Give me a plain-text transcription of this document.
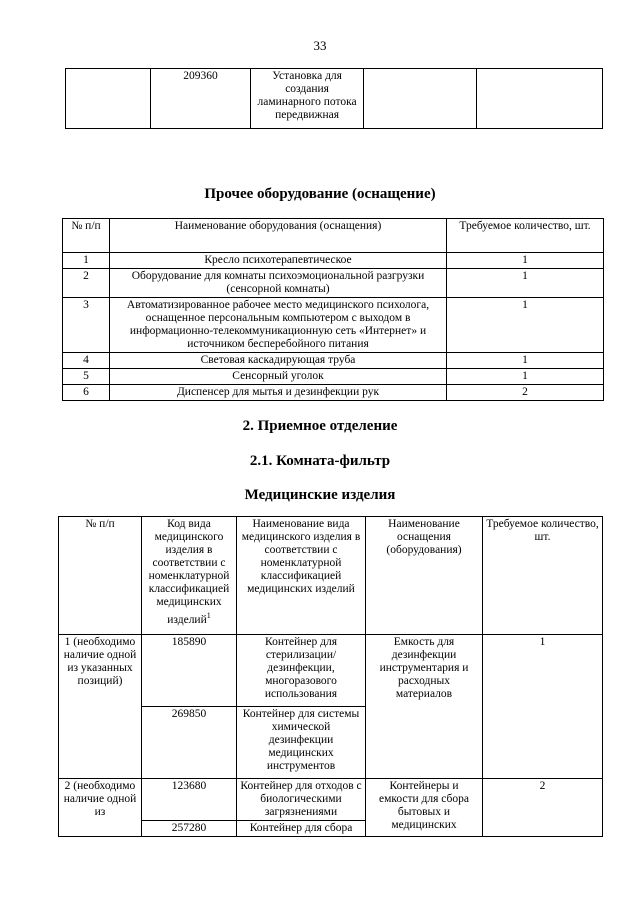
33
	209360	Установка для создания ламинарного потока передвижная		
Прочее оборудование (оснащение)
№ п/п	Наименование оборудования (оснащения)	Требуемое количество, шт.
1	Кресло психотерапевтическое	1
2	Оборудование для комнаты психоэмоциональной разгрузки (сенсорной комнаты)	1
3	Автоматизированное рабочее место медицинского психолога, оснащенное персональным компьютером с выходом в информационно-телекоммуникационную сеть «Интернет» и источником бесперебойного питания	1
4	Световая каскадирующая труба	1
5	Сенсорный уголок	1
6	Диспенсер для мытья и дезинфекции рук	2
2. Приемное отделение
2.1. Комната-фильтр
Медицинские изделия
№ п/п	Код вида медицинского изделия в соответствии с номенклатурной классификацией медицинских изделий$^1$	Наименование вида медицинского изделия в соответствии с номенклатурной классификацией медицинских изделий	Наименование оснащения (оборудования)	Требуемое количество, шт.
1 (необходимо наличие одной из указанных позиций)	185890	Контейнер для стерилизации/ дезинфекции, многоразового использования	Емкость для дезинфекции инструментария и расходных материалов	1
	269850	Контейнер для системы химической дезинфекции медицинских инструментов		
2 (необходимо наличие одной из	123680	Контейнер для отходов с биологическими загрязнениями	Контейнеры и емкости для сбора бытовых и медицинских	2
	257280	Контейнер для сбора		
